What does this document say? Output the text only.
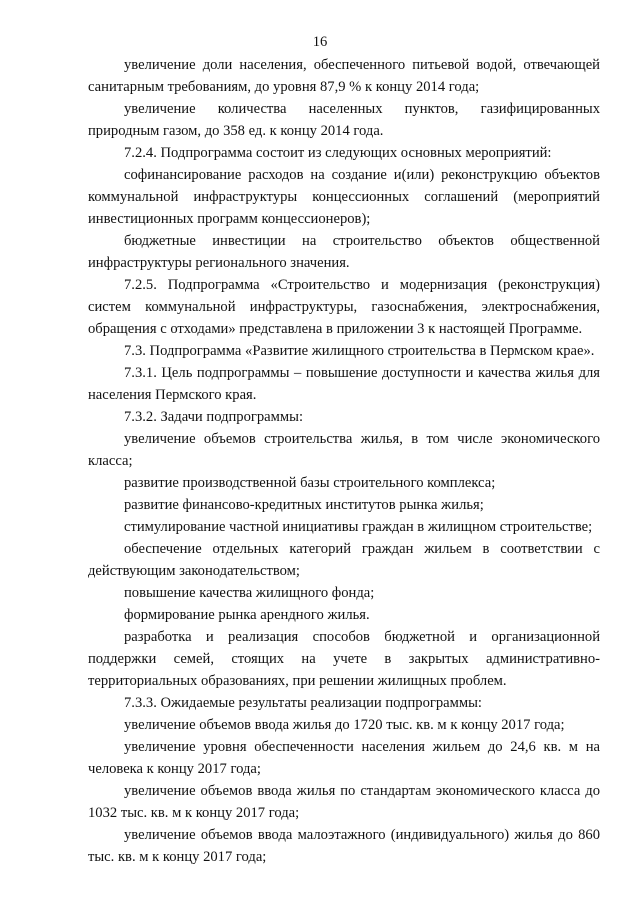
16

увеличение доли населения, обеспеченного питьевой водой, отвечающей санитарным требованиям, до уровня 87,9 % к концу 2014 года;

увеличение количества населенных пунктов, газифицированных природным газом, до 358 ед. к концу 2014 года.

7.2.4. Подпрограмма состоит из следующих основных мероприятий:

софинансирование расходов на создание и(или) реконструкцию объектов коммунальной инфраструктуры концессионных соглашений (мероприятий инвестиционных программ концессионеров);

бюджетные инвестиции на строительство объектов общественной инфраструктуры регионального значения.

7.2.5. Подпрограмма «Строительство и модернизация (реконструкция) систем коммунальной инфраструктуры, газоснабжения, электроснабжения, обращения с отходами» представлена в приложении 3 к настоящей Программе.

7.3. Подпрограмма «Развитие жилищного строительства в Пермском крае».

7.3.1. Цель подпрограммы – повышение доступности и качества жилья для населения Пермского края.

7.3.2. Задачи подпрограммы:

увеличение объемов строительства жилья, в том числе экономического класса;

развитие производственной базы строительного комплекса;

развитие финансово-кредитных институтов рынка жилья;

стимулирование частной инициативы граждан в жилищном строительстве;

обеспечение отдельных категорий граждан жильем в соответствии с действующим законодательством;

повышение качества жилищного фонда;

формирование рынка арендного жилья.

разработка и реализация способов бюджетной и организационной поддержки семей, стоящих на учете в закрытых административно-территориальных образованиях, при решении жилищных проблем.

7.3.3. Ожидаемые результаты реализации подпрограммы:

увеличение объемов ввода жилья до 1720 тыс. кв. м к концу 2017 года;

увеличение уровня обеспеченности населения жильем до 24,6 кв. м на человека к концу 2017 года;

увеличение объемов ввода жилья по стандартам экономического класса до 1032 тыс. кв. м к концу 2017 года;

увеличение объемов ввода малоэтажного (индивидуального) жилья до 860 тыс. кв. м к концу 2017 года;
